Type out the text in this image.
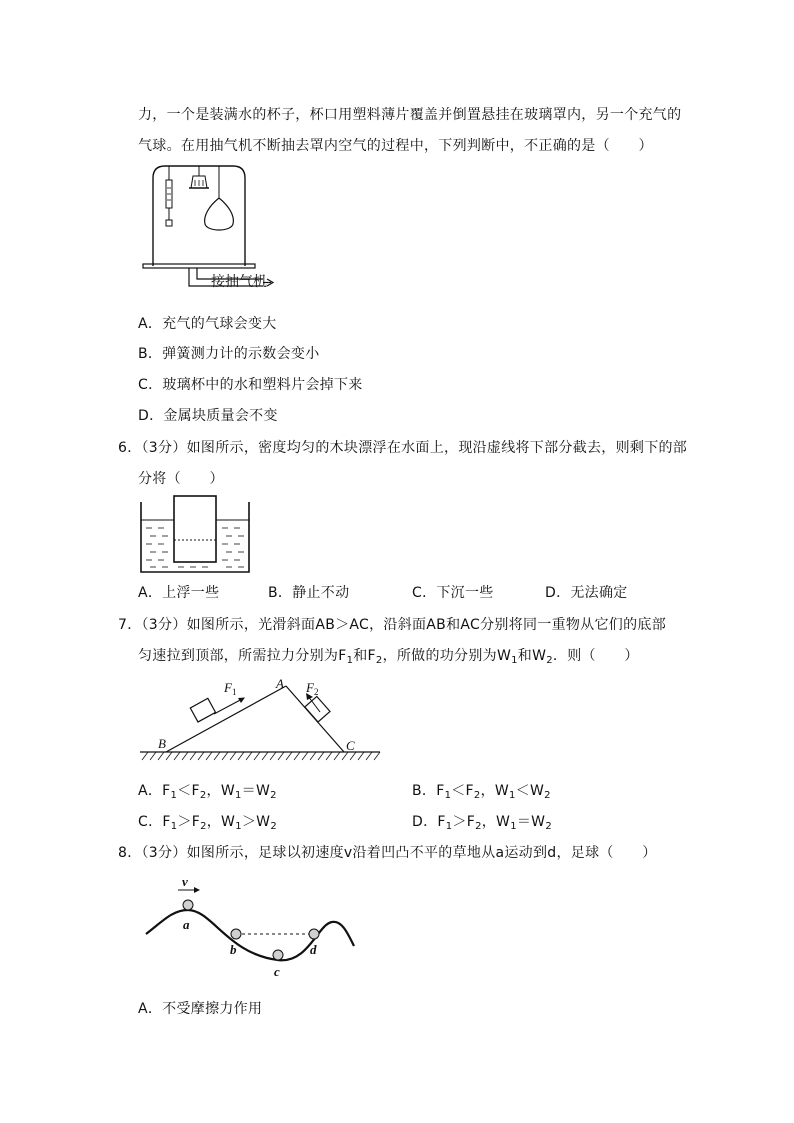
力，一个是装满水的杯子，杯口用塑料薄片覆盖并倒置悬挂在玻璃罩内，另一个充气的
气球。在用抽气机不断抽去罩内空气的过程中，下列判断中，不正确的是（　　）
接抽气机
A．充气的气球会变大
B．弹簧测力计的示数会变小
C．玻璃杯中的水和塑料片会掉下来
D．金属块质量会不变
6．（3分）如图所示，密度均匀的木块漂浮在水面上，现沿虚线将下部分截去，则剩下的部
分将（　　）
A．上浮一些	B．静止不动	C．下沉一些	D．无法确定
7．（3分）如图所示，光滑斜面AB＞AC，沿斜面AB和AC分别将同一重物从它们的底部
匀速拉到顶部，所需拉力分别为$F_1$和$F_2$，所做的功分别为$W_1$和$W_2$．则（　　）
$F_1$	$F_2$
A
B	C
A．$F_1<F_2$，$W_1=W_2$	B．$F_1<F_2$，$W_1<W_2$
C．$F_1>F_2$，$W_1>W_2$	D．$F_1>F_2$，$W_1=W_2$
8．（3分）如图所示，足球以初速度v沿着凹凸不平的草地从a运动到d，足球（　　）
v
a
b
c
d
A．不受摩擦力作用
